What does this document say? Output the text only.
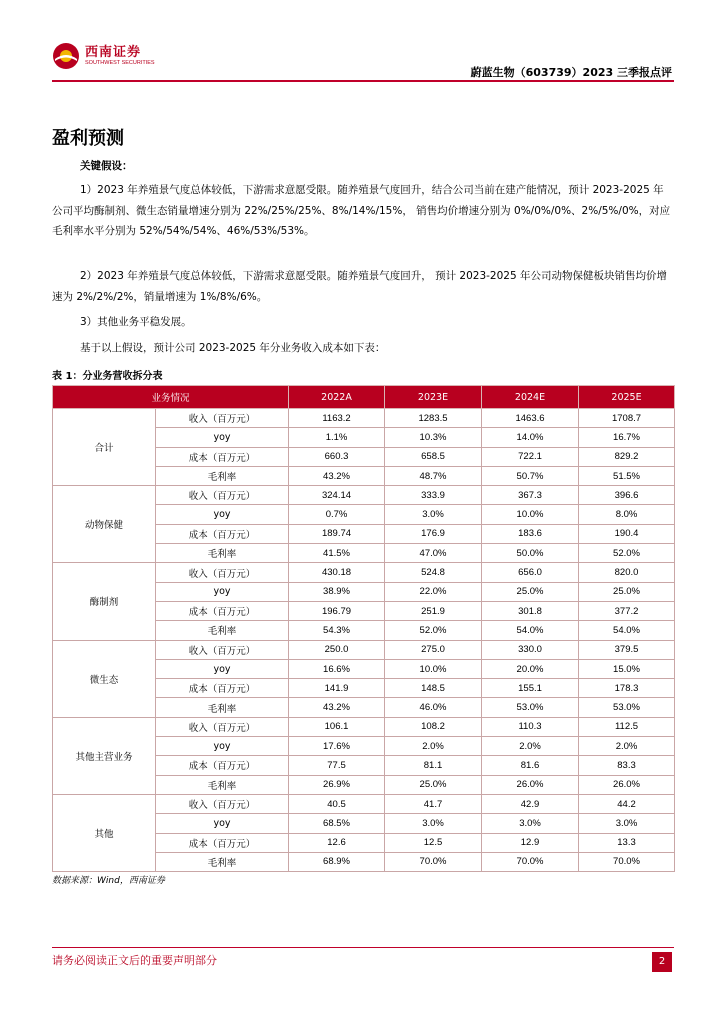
西南证券
SOUTHWEST SECURITIES
蔚蓝生物（603739）2023 三季报点评
盈利预测
关键假设：
1）2023 年养殖景气度总体较低，下游需求意愿受限。随养殖景气度回升，结合公司当前在建产能情况，预计 2023-2025 年公司平均酶制剂、微生态销量增速分别为 22%/25%/25%、8%/14%/15%， 销售均价增速分别为 0%/0%/0%、2%/5%/0%，对应毛利率水平分别为 52%/54%/54%、46%/53%/53%。
2）2023 年养殖景气度总体较低，下游需求意愿受限。随养殖景气度回升， 预计 2023-2025 年公司动物保健板块销售均价增速为 2%/2%/2%，销量增速为 1%/8%/6%。
3）其他业务平稳发展。
基于以上假设，预计公司 2023-2025 年分业务收入成本如下表：
表 1：分业务营收拆分表
业务情况		2022A	2023E	2024E	2025E
合计	收入（百万元）	1163.2	1283.5	1463.6	1708.7
	yoy	1.1%	10.3%	14.0%	16.7%
	成本（百万元）	660.3	658.5	722.1	829.2
	毛利率	43.2%	48.7%	50.7%	51.5%
动物保健	收入（百万元）	324.14	333.9	367.3	396.6
	yoy	0.7%	3.0%	10.0%	8.0%
	成本（百万元）	189.74	176.9	183.6	190.4
	毛利率	41.5%	47.0%	50.0%	52.0%
酶制剂	收入（百万元）	430.18	524.8	656.0	820.0
	yoy	38.9%	22.0%	25.0%	25.0%
	成本（百万元）	196.79	251.9	301.8	377.2
	毛利率	54.3%	52.0%	54.0%	54.0%
微生态	收入（百万元）	250.0	275.0	330.0	379.5
	yoy	16.6%	10.0%	20.0%	15.0%
	成本（百万元）	141.9	148.5	155.1	178.3
	毛利率	43.2%	46.0%	53.0%	53.0%
其他主营业务	收入（百万元）	106.1	108.2	110.3	112.5
	yoy	17.6%	2.0%	2.0%	2.0%
	成本（百万元）	77.5	81.1	81.6	83.3
	毛利率	26.9%	25.0%	26.0%	26.0%
其他	收入（百万元）	40.5	41.7	42.9	44.2
	yoy	68.5%	3.0%	3.0%	3.0%
	成本（百万元）	12.6	12.5	12.9	13.3
	毛利率	68.9%	70.0%	70.0%	70.0%
数据来源：Wind，西南证券
请务必阅读正文后的重要声明部分	2
